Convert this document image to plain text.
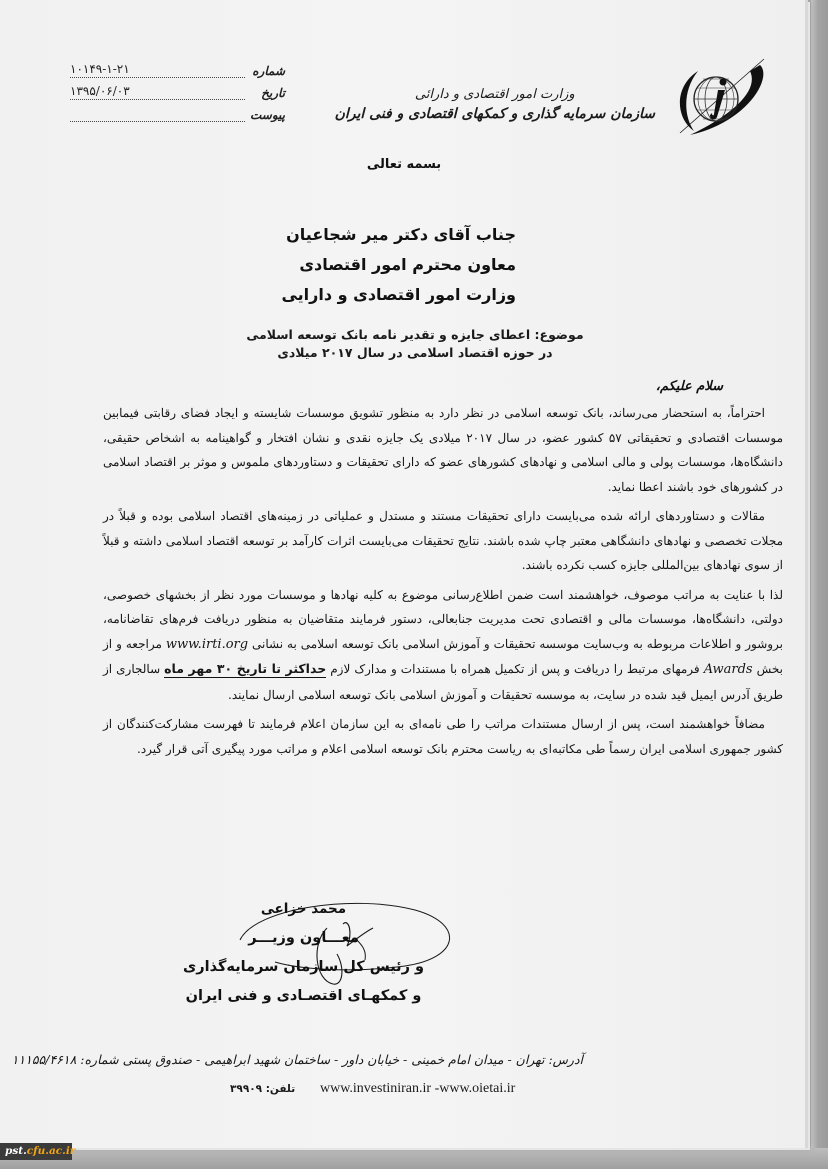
وزارت امور اقتصادی و دارائی
سازمان سرمایه گذاری و کمکهای اقتصادی و فنی ایران
شماره
۱۰۱۴۹-۱-۲۱
تاریخ
۱۳۹۵/۰۶/۰۳
پیوست
بسمه تعالی
جناب آقای دکتر میر شجاعیان
معاون محترم امور اقتصادی
وزارت امور اقتصادی و دارایی
موضوع: اعطای جایزه و تقدیر نامه بانک توسعه اسلامی
در حوزه اقتصاد اسلامی در سال ۲۰۱۷ میلادی
سلام علیکم،

احتراماً، به استحضار می‌رساند، بانک توسعه اسلامی در نظر دارد به منظور تشویق موسسات شایسته و ایجاد فضای رقابتی فیمابین موسسات اقتصادی و تحقیقاتی ۵۷ کشور عضو، در سال ۲۰۱۷ میلادی یک جایزه نقدی و نشان افتخار و گواهینامه به اشخاص حقیقی، دانشگاه‌ها، موسسات پولی و مالی اسلامی و نهادهای کشورهای عضو که دارای تحقیقات و دستاوردهای ملموس و موثر بر اقتصاد اسلامی در کشورهای خود باشند اعطا نماید.

مقالات و دستاوردهای ارائه شده می‌بایست دارای تحقیقات مستند و مستدل و عملیاتی در زمینه‌های اقتصاد اسلامی بوده و قبلاً در مجلات تخصصی و نهادهای دانشگاهی معتبر چاپ شده باشند. نتایج تحقیقات می‌بایست اثرات کارآمد بر توسعه اقتصاد اسلامی داشته و قبلاً از سوی نهادهای بین‌المللی جایزه کسب نکرده باشند.

لذا با عنایت به مراتب موصوف، خواهشمند است ضمن اطلاع‌رسانی موضوع به کلیه نهادها و موسسات مورد نظر از بخشهای خصوصی، دولتی، دانشگاه‌ها، موسسات مالی و اقتصادی تحت مدیریت جنابعالی، دستور فرمایند متقاضیان به منظور دریافت فرم‌های تقاضانامه، بروشور و اطلاعات مربوطه به وب‌سایت موسسه تحقیقات و آموزش اسلامی بانک توسعه اسلامی به نشانی www.irti.org مراجعه و از بخش Awards فرمهای مرتبط را دریافت و پس از تکمیل همراه با مستندات و مدارک لازم حداکثر تا تاریخ ۳۰ مهر ماه سالجاری از طریق آدرس ایمیل قید شده در سایت، به موسسه تحقیقات و آموزش اسلامی بانک توسعه اسلامی ارسال نمایند.

مضافاً خواهشمند است، پس از ارسال مستندات مراتب را طی نامه‌ای به این سازمان اعلام فرمایند تا فهرست مشارکت‌کنندگان از کشور جمهوری اسلامی ایران رسماً طی مکاتبه‌ای به ریاست محترم بانک توسعه اسلامی اعلام و مراتب مورد پیگیری آتی قرار گیرد.

محمد خزاعی
معـــاون وزیـــر
و رئیس کل سازمان سرمایه‌گذاری
و کمکهـای اقتصـادی و فنی ایران
آدرس: تهران - میدان امام خمینی - خیابان داور - ساختمان شهید ابراهیمی - صندوق پستی شماره: ۱۱۱۵۵/۴۶۱۸
www.investiniran.ir -www.oietai.ir
تلفن: ۳۹۹۰۹
pst.cfu.ac.ir
